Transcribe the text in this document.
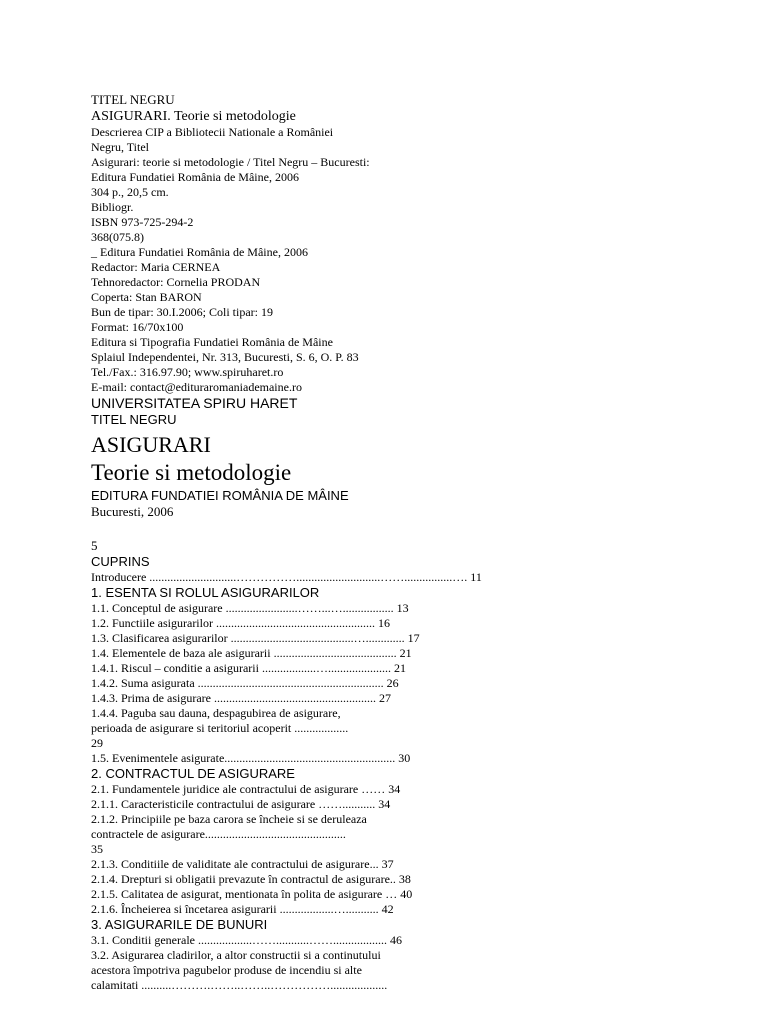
TITEL NEGRU
ASIGURARI. Teorie si metodologie
Descrierea CIP a Bibliotecii Nationale a României
Negru, Titel
Asigurari: teorie si metodologie / Titel Negru – Bucuresti:
Editura Fundatiei România de Mâine, 2006
304 p., 20,5 cm.
Bibliogr.
ISBN 973-725-294-2
368(075.8)
_ Editura Fundatiei România de Mâine, 2006
Redactor: Maria CERNEA
Tehnoredactor: Cornelia PRODAN
Coperta: Stan BARON
Bun de tipar: 30.I.2006; Coli tipar: 19
Format: 16/70x100
Editura si Tipografia Fundatiei România de Mâine
Splaiul Independentei, Nr. 313, Bucuresti, S. 6, O. P. 83
Tel./Fax.: 316.97.90; www.spiruharet.ro
E-mail: contact@edituraromaniademaine.ro
UNIVERSITATEA SPIRU HARET
TITEL NEGRU
ASIGURARI
Teorie si metodologie
EDITURA FUNDATIEI ROMÂNIA DE MÂINE
Bucuresti, 2006
5
CUPRINS
Introducere .............................……………............................……................…. 11
1. ESENTA SI ROLUL ASIGURARILOR
1.1. Conceptul de asigurare ........................……...…................. 13
1.2. Functiile asigurarilor ..................................................... 16
1.3. Clasificarea asigurarilor .........................................…............. 17
1.4. Elementele de baza ale asigurarii ......................................... 21
1.4.1. Riscul – conditie a asigurarii ..................…..................... 21
1.4.2. Suma asigurata .............................................................. 26
1.4.3. Prima de asigurare ...................................................... 27
1.4.4. Paguba sau dauna, despagubirea de asigurare,
perioada de asigurare si teritoriul acoperit ..................
29
1.5. Evenimentele asigurate......................................................... 30
2. CONTRACTUL DE ASIGURARE
2.1. Fundamentele juridice ale contractului de asigurare …… 34
2.1.1. Caracteristicile contractului de asigurare ……........... 34
2.1.2. Principiile pe baza carora se încheie si se deruleaza
contractele de asigurare...............................................
35
2.1.3. Conditiile de validitate ale contractului de asigurare... 37
2.1.4. Drepturi si obligatii prevazute în contractul de asigurare.. 38
2.1.5. Calitatea de asigurat, mentionata în polita de asigurare … 40
2.1.6. Încheierea si încetarea asigurarii ..................…........... 42
3. ASIGURARILE DE BUNURI
3.1. Conditii generale ..................……...........…….................. 46
3.2. Asigurarea cladirilor, a altor constructii si a continutului
acestora împotriva pagubelor produse de incendiu si alte
calamitati ..........……….……..……..……………...................
